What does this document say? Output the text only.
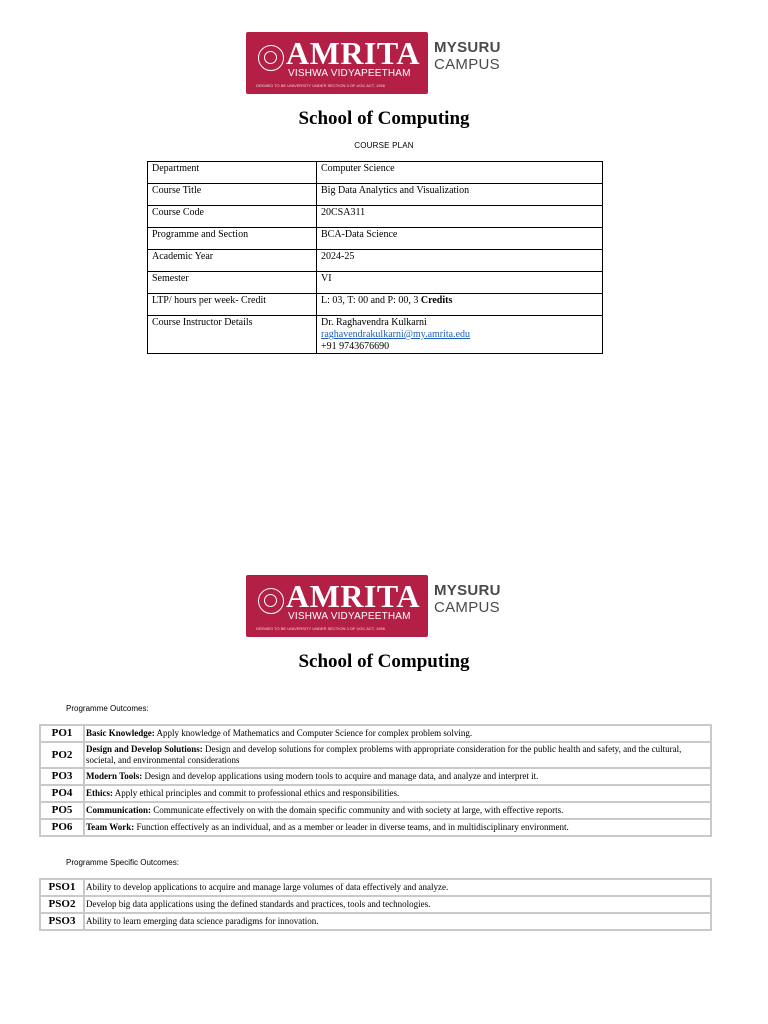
AMRITA
VISHWA VIDYAPEETHAM
DEEMED TO BE UNIVERSITY UNDER SECTION 3 OF UGC ACT, 1956
MYSURU
CAMPUS
School of Computing
COURSE PLAN
Department	Computer Science
Course Title	Big Data Analytics and Visualization
Course Code	20CSA311
Programme and Section	BCA-Data Science
Academic Year	2024-25
Semester	VI
LTP/ hours per week- Credit	L: 03, T: 00 and P: 00, 3 Credits
Course Instructor Details	Dr. Raghavendra Kulkarni
raghavendrakulkarni@my.amrita.edu
+91 9743676690
AMRITA
VISHWA VIDYAPEETHAM
DEEMED TO BE UNIVERSITY UNDER SECTION 3 OF UGC ACT, 1956
MYSURU
CAMPUS
School of Computing
Programme Outcomes:
PO1	Basic Knowledge: Apply knowledge of Mathematics and Computer Science for complex problem solving.
PO2	Design and Develop Solutions: Design and develop solutions for complex problems with appropriate consideration for the public health and safety, and the cultural, societal, and environmental considerations
PO3	Modern Tools: Design and develop applications using modern tools to acquire and manage data, and analyze and interpret it.
PO4	Ethics: Apply ethical principles and commit to professional ethics and responsibilities.
PO5	Communication: Communicate effectively on with the domain specific community and with society at large, with effective reports.
PO6	Team Work: Function effectively as an individual, and as a member or leader in diverse teams, and in multidisciplinary environment.
Programme Specific Outcomes:
PSO1	Ability to develop applications to acquire and manage large volumes of data effectively and analyze.
PSO2	Develop big data applications using the defined standards and practices, tools and technologies.
PSO3	Ability to learn emerging data science paradigms for innovation.
